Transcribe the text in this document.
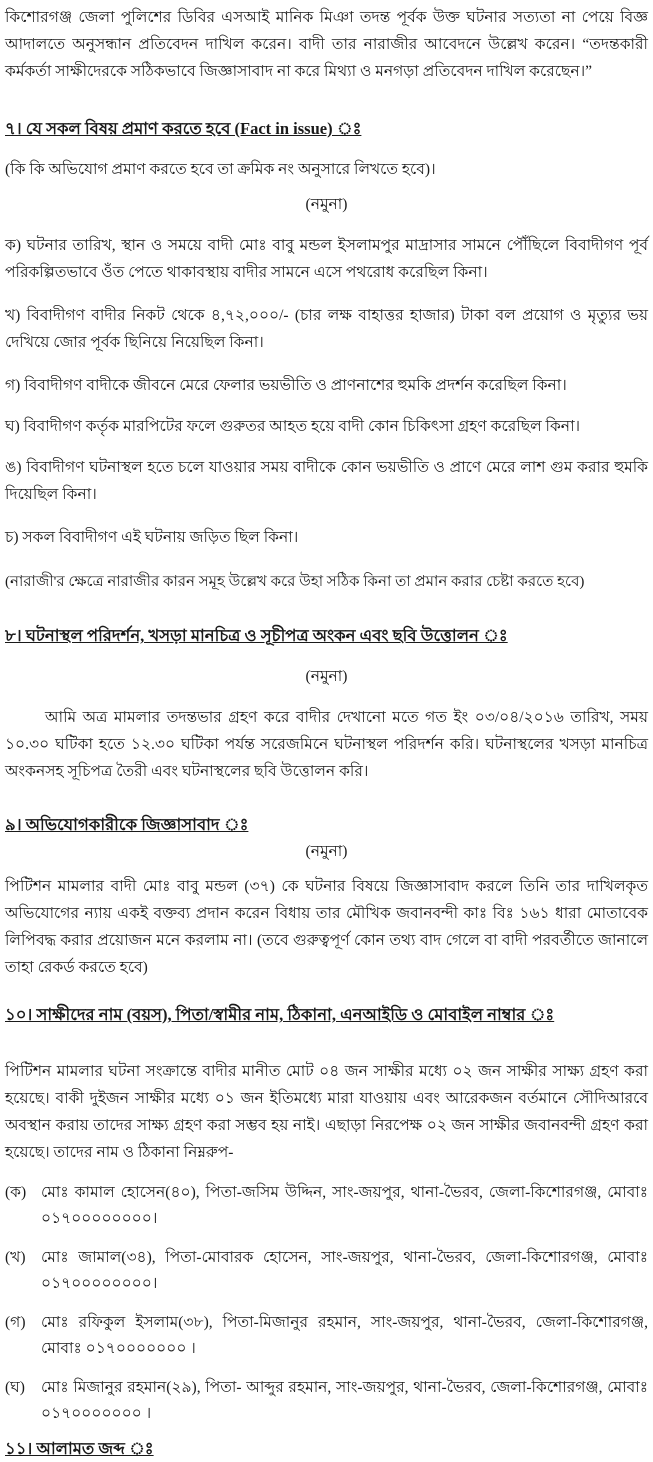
কিশোরগঞ্জ জেলা পুলিশের ডিবির এসআই মানিক মিঞা তদন্ত পূর্বক উক্ত ঘটনার সত্যতা না পেয়ে বিজ্ঞ আদালতে অনুসন্ধান প্রতিবেদন দাখিল করেন। বাদী তার নারাজীর আবেদনে উল্লেখ করেন। “তদন্তকারী কর্মকর্তা সাক্ষীদেরকে সঠিকভাবে জিজ্ঞাসাবাদ না করে মিথ্যা ও মনগড়া প্রতিবেদন দাখিল করেছেন।”

৭। যে সকল বিষয় প্রমাণ করতে হবে (Fact in issue) ঃ

(কি কি অভিযোগ প্রমাণ করতে হবে তা ক্রমিক নং অনুসারে লিখতে হবে)।

(নমুনা)

ক) ঘটনার তারিখ, স্থান ও সময়ে বাদী মোঃ বাবু মন্ডল ইসলামপুর মাদ্রাসার সামনে পৌঁছিলে বিবাদীগণ পূর্ব পরিকল্পিতভাবে ওঁত পেতে থাকাবস্থায় বাদীর সামনে এসে পথরোধ করেছিল কিনা।

খ) বিবাদীগণ বাদীর নিকট থেকে ৪,৭২,০০০/- (চার লক্ষ বাহাত্তর হাজার) টাকা বল প্রয়োগ ও মৃত্যুর ভয় দেখিয়ে জোর পূর্বক ছিনিয়ে নিয়েছিল কিনা।

গ) বিবাদীগণ বাদীকে জীবনে মেরে ফেলার ভয়ভীতি ও প্রাণনাশের হুমকি প্রদর্শন করেছিল কিনা।

ঘ) বিবাদীগণ কর্তৃক মারপিটের ফলে গুরুতর আহত হয়ে বাদী কোন চিকিৎসা গ্রহণ করেছিল কিনা।

ঙ) বিবাদীগণ ঘটনাস্থল হতে চলে যাওয়ার সময় বাদীকে কোন ভয়ভীতি ও প্রাণে মেরে লাশ গুম করার হুমকি দিয়েছিল কিনা।

চ) সকল বিবাদীগণ এই ঘটনায় জড়িত ছিল কিনা।

(নারাজী'র ক্ষেত্রে নারাজীর কারন সমূহ উল্লেখ করে উহা সঠিক কিনা তা প্রমান করার চেষ্টা করতে হবে)

৮। ঘটনাস্থল পরিদর্শন, খসড়া মানচিত্র ও সূচীপত্র অংকন এবং ছবি উত্তোলন ঃ

(নমুনা)

আমি অত্র মামলার তদন্তভার গ্রহণ করে বাদীর দেখানো মতে গত ইং ০৩/০৪/২০১৬ তারিখ, সময় ১০.৩০ ঘটিকা হতে ১২.৩০ ঘটিকা পর্যন্ত সরেজমিনে ঘটনাস্থল পরিদর্শন করি। ঘটনাস্থলের খসড়া মানচিত্র অংকনসহ সূচিপত্র তৈরী এবং ঘটনাস্থলের ছবি উত্তোলন করি।

৯। অভিযোগকারীকে জিজ্ঞাসাবাদ ঃ

(নমুনা)

পিটিশন মামলার বাদী মোঃ বাবু মন্ডল (৩৭) কে ঘটনার বিষয়ে জিজ্ঞাসাবাদ করলে তিনি তার দাখিলকৃত অভিযোগের ন্যায় একই বক্তব্য প্রদান করেন বিধায় তার মৌখিক জবানবন্দী কাঃ বিঃ ১৬১ ধারা মোতাবেক লিপিবদ্ধ করার প্রয়োজন মনে করলাম না। (তবে গুরুত্বপূর্ণ কোন তথ্য বাদ গেলে বা বাদী পরবর্তীতে জানালে তাহা রেকর্ড করতে হবে)

১০। সাক্ষীদের নাম (বয়স), পিতা/স্বামীর নাম, ঠিকানা, এনআইডি ও মোবাইল নাম্বার ঃ

পিটিশন মামলার ঘটনা সংক্রান্তে বাদীর মানীত মোট ০৪ জন সাক্ষীর মধ্যে ০২ জন সাক্ষীর সাক্ষ্য গ্রহণ করা হয়েছে। বাকী দুইজন সাক্ষীর মধ্যে ০১ জন ইতিমধ্যে মারা যাওয়ায় এবং আরেকজন বর্তমানে সৌদিআরবে অবস্থান করায় তাদের সাক্ষ্য গ্রহণ করা সম্ভব হয় নাই। এছাড়া নিরপেক্ষ ০২ জন সাক্ষীর জবানবন্দী গ্রহণ করা হয়েছে। তাদের নাম ও ঠিকানা নিম্নরুপ-

(ক) মোঃ কামাল হোসেন(৪০), পিতা-জসিম উদ্দিন, সাং-জয়পুর, থানা-ভৈরব, জেলা-কিশোরগঞ্জ, মোবাঃ ০১৭০০০০০০০০।
(খ) মোঃ জামাল(৩৪), পিতা-মোবারক হোসেন, সাং-জয়পুর, থানা-ভৈরব, জেলা-কিশোরগঞ্জ, মোবাঃ ০১৭০০০০০০০০।
(গ)	মোঃ রফিকুল ইসলাম(৩৮), পিতা-মিজানুর রহমান, সাং-জয়পুর, থানা-ভৈরব, জেলা-কিশোরগঞ্জ, মোবাঃ ০১৭০০০০০০০ ।
(ঘ)	মোঃ মিজানুর রহমান(২৯), পিতা- আব্দুর রহমান, সাং-জয়পুর, থানা-ভৈরব, জেলা-কিশোরগঞ্জ, মোবাঃ ০১৭০০০০০০০ ।
১১। আলামত জব্দ ঃ
